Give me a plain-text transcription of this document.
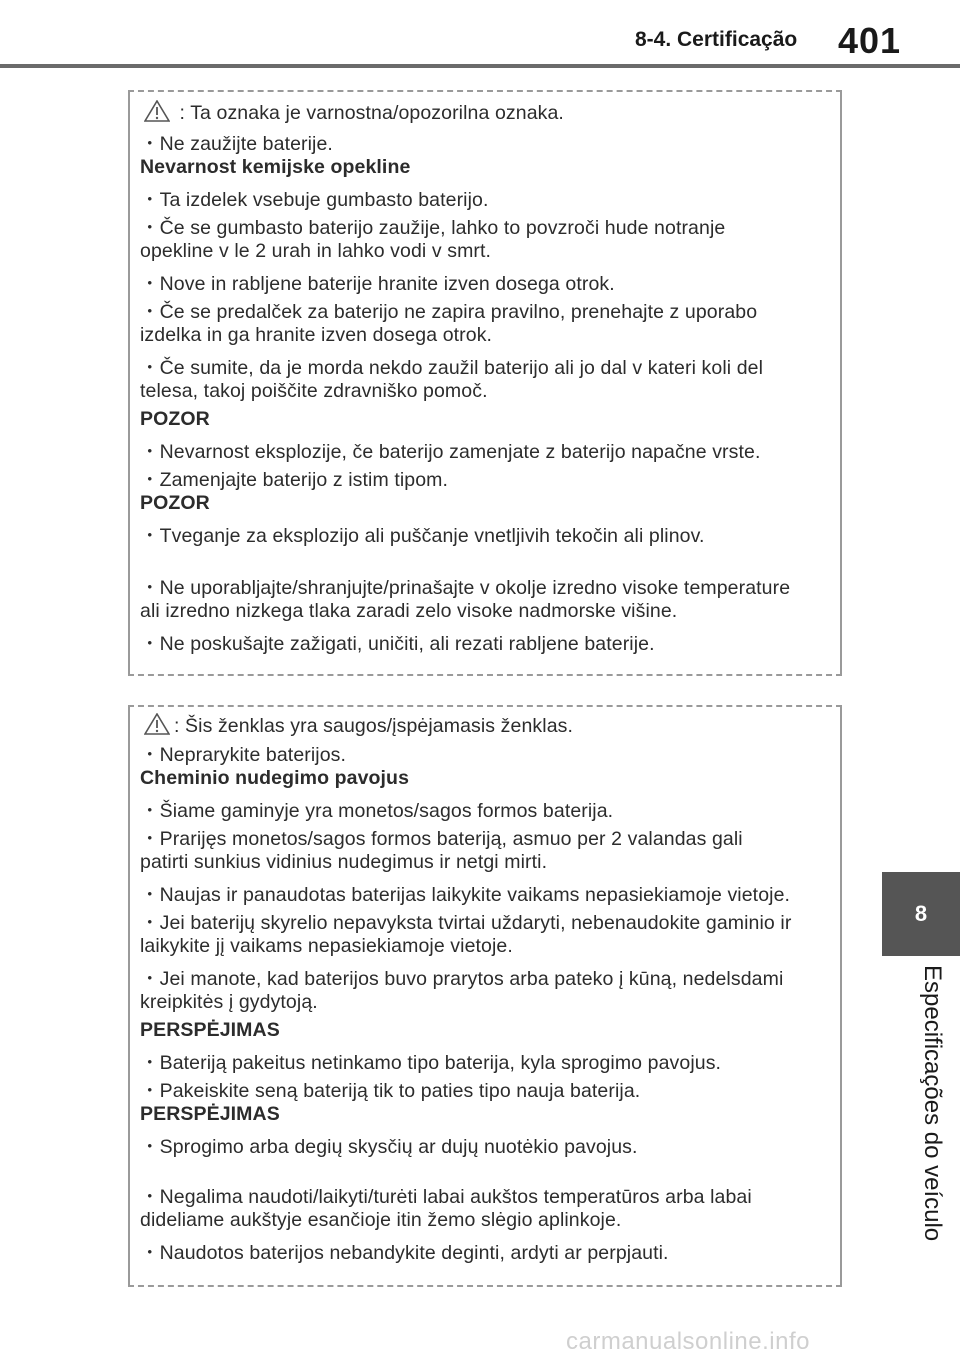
8-4. Certificação 401
8
Especificações do veículo
: Ta oznaka je varnostna/opozorilna oznaka.
・Ne zaužijte baterije.
Nevarnost kemijske opekline
・Ta izdelek vsebuje gumbasto baterijo.
・Če se gumbasto baterijo zaužije, lahko to povzroči hude notranje
opekline v le 2 urah in lahko vodi v smrt.
・Nove in rabljene baterije hranite izven dosega otrok.
・Če se predalček za baterijo ne zapira pravilno, prenehajte z uporabo
izdelka in ga hranite izven dosega otrok.
・Če sumite, da je morda nekdo zaužil baterijo ali jo dal v kateri koli del
telesa, takoj poiščite zdravniško pomoč.
POZOR
・Nevarnost eksplozije, če baterijo zamenjate z baterijo napačne vrste.
・Zamenjajte baterijo z istim tipom.
POZOR
・Tveganje za eksplozijo ali puščanje vnetljivih tekočin ali plinov.
・Ne uporabljajte/shranjujte/prinašajte v okolje izredno visoke temperature
ali izredno nizkega tlaka zaradi zelo visoke nadmorske višine.
・Ne poskušajte zažigati, uničiti, ali rezati rabljene baterije.
: Šis ženklas yra saugos/įspėjamasis ženklas.
・Neprarykite baterijos.
Cheminio nudegimo pavojus
・Šiame gaminyje yra monetos/sagos formos baterija.
・Prarijęs monetos/sagos formos bateriją, asmuo per 2 valandas gali
patirti sunkius vidinius nudegimus ir netgi mirti.
・Naujas ir panaudotas baterijas laikykite vaikams nepasiekiamoje vietoje.
・Jei baterijų skyrelio nepavyksta tvirtai uždaryti, nebenaudokite gaminio ir
laikykite jį vaikams nepasiekiamoje vietoje.
・Jei manote, kad baterijos buvo prarytos arba pateko į kūną, nedelsdami
kreipkitės į gydytoją.
PERSPĖJIMAS
・Bateriją pakeitus netinkamo tipo baterija, kyla sprogimo pavojus.
・Pakeiskite seną bateriją tik to paties tipo nauja baterija.
PERSPĖJIMAS
・Sprogimo arba degių skysčių ar dujų nuotėkio pavojus.
・Negalima naudoti/laikyti/turėti labai aukštos temperatūros arba labai
dideliame aukštyje esančioje itin žemo slėgio aplinkoje.
・Naudotos baterijos nebandykite deginti, ardyti ar perpjauti.
carmanualsonline.info
